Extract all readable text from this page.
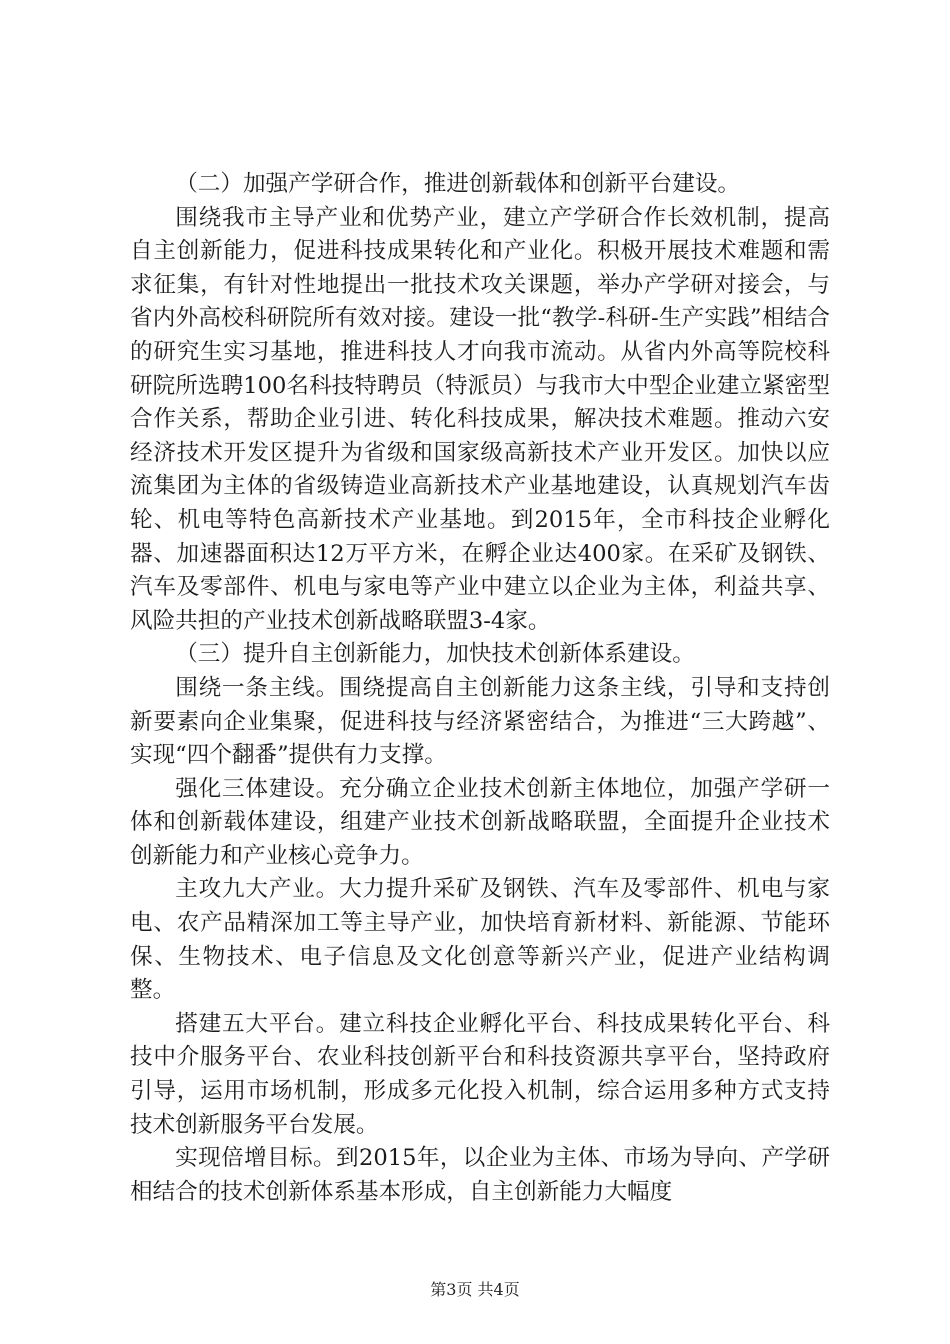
（二）加强产学研合作，推进创新载体和创新平台建设。

围绕我市主导产业和优势产业，建立产学研合作长效机制，提高自主创新能力，促进科技成果转化和产业化。积极开展技术难题和需求征集，有针对性地提出一批技术攻关课题，举办产学研对接会，与省内外高校科研院所有效对接。建设一批“教学-科研-生产实践”相结合的研究生实习基地，推进科技人才向我市流动。从省内外高等院校科研院所选聘100名科技特聘员（特派员）与我市大中型企业建立紧密型合作关系，帮助企业引进、转化科技成果，解决技术难题。推动六安经济技术开发区提升为省级和国家级高新技术产业开发区。加快以应流集团为主体的省级铸造业高新技术产业基地建设，认真规划汽车齿轮、机电等特色高新技术产业基地。到2015年，全市科技企业孵化器、加速器面积达12万平方米，在孵企业达400家。在采矿及钢铁、汽车及零部件、机电与家电等产业中建立以企业为主体，利益共享、风险共担的产业技术创新战略联盟3-4家。

（三）提升自主创新能力，加快技术创新体系建设。

围绕一条主线。围绕提高自主创新能力这条主线，引导和支持创新要素向企业集聚，促进科技与经济紧密结合，为推进“三大跨越”、实现“四个翻番”提供有力支撑。

强化三体建设。充分确立企业技术创新主体地位，加强产学研一体和创新载体建设，组建产业技术创新战略联盟，全面提升企业技术创新能力和产业核心竞争力。

主攻九大产业。大力提升采矿及钢铁、汽车及零部件、机电与家电、农产品精深加工等主导产业，加快培育新材料、新能源、节能环保、生物技术、电子信息及文化创意等新兴产业，促进产业结构调整。

搭建五大平台。建立科技企业孵化平台、科技成果转化平台、科技中介服务平台、农业科技创新平台和科技资源共享平台，坚持政府引导，运用市场机制，形成多元化投入机制，综合运用多种方式支持技术创新服务平台发展。

实现倍增目标。到2015年，以企业为主体、市场为导向、产学研相结合的技术创新体系基本形成，自主创新能力大幅度

第3页 共4页
